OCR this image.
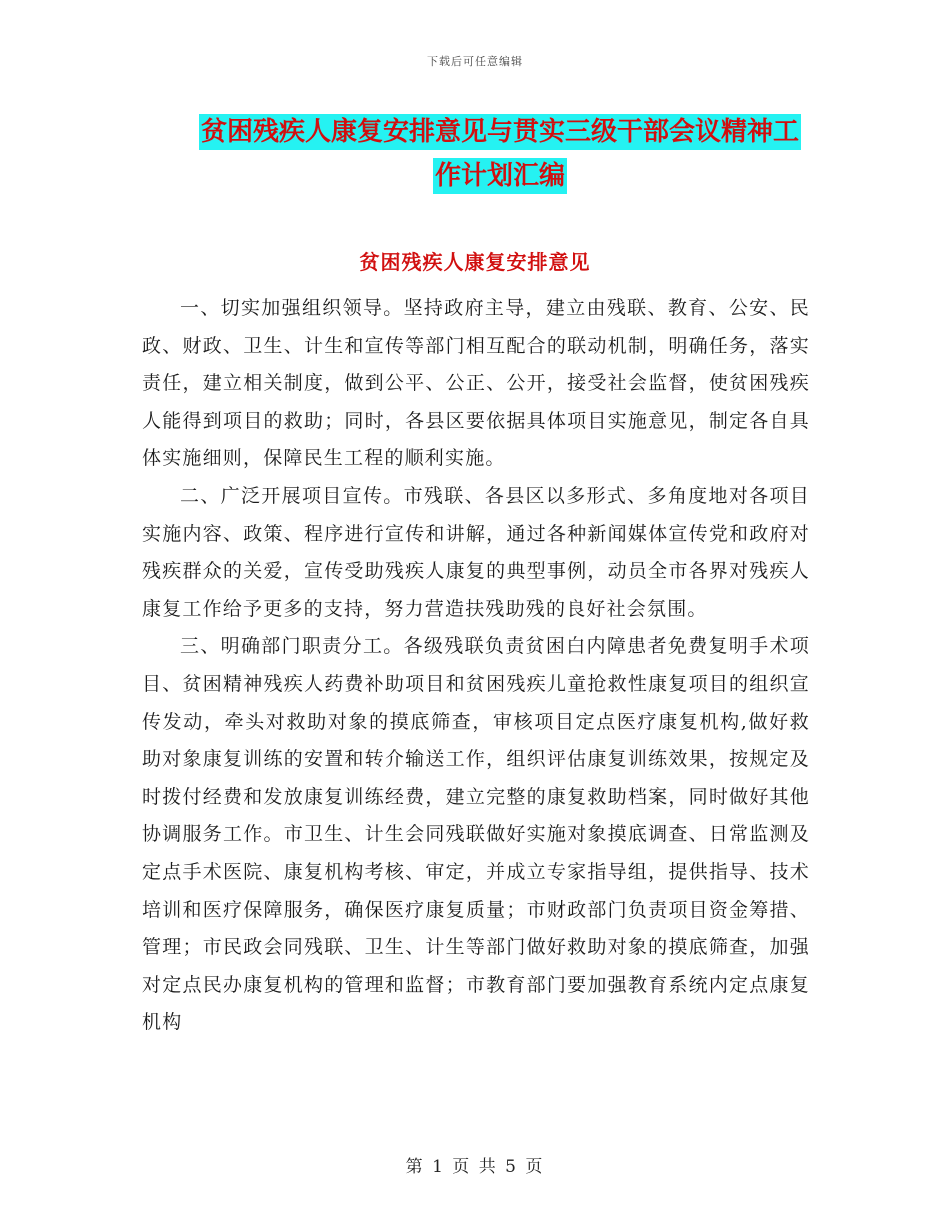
下载后可任意编辑
贫困残疾人康复安排意见与贯实三级干部会议精神工
作计划汇编
贫困残疾人康复安排意见

一、切实加强组织领导。坚持政府主导，建立由残联、教育、公安、民政、财政、卫生、计生和宣传等部门相互配合的联动机制，明确任务，落实责任，建立相关制度，做到公平、公正、公开，接受社会监督，使贫困残疾人能得到项目的救助；同时，各县区要依据具体项目实施意见，制定各自具体实施细则，保障民生工程的顺利实施。

二、广泛开展项目宣传。市残联、各县区以多形式、多角度地对各项目实施内容、政策、程序进行宣传和讲解，通过各种新闻媒体宣传党和政府对残疾群众的关爱，宣传受助残疾人康复的典型事例，动员全市各界对残疾人康复工作给予更多的支持，努力营造扶残助残的良好社会氛围。

三、明确部门职责分工。各级残联负责贫困白内障患者免费复明手术项目、贫困精神残疾人药费补助项目和贫困残疾儿童抢救性康复项目的组织宣传发动，牵头对救助对象的摸底筛查，审核项目定点医疗康复机构,做好救助对象康复训练的安置和转介输送工作，组织评估康复训练效果，按规定及时拨付经费和发放康复训练经费，建立完整的康复救助档案，同时做好其他协调服务工作。市卫生、计生会同残联做好实施对象摸底调查、日常监测及定点手术医院、康复机构考核、审定，并成立专家指导组，提供指导、技术培训和医疗保障服务，确保医疗康复质量；市财政部门负责项目资金筹措、管理；市民政会同残联、卫生、计生等部门做好救助对象的摸底筛查，加强对定点民办康复机构的管理和监督；市教育部门要加强教育系统内定点康复机构

第 1 页 共 5 页
